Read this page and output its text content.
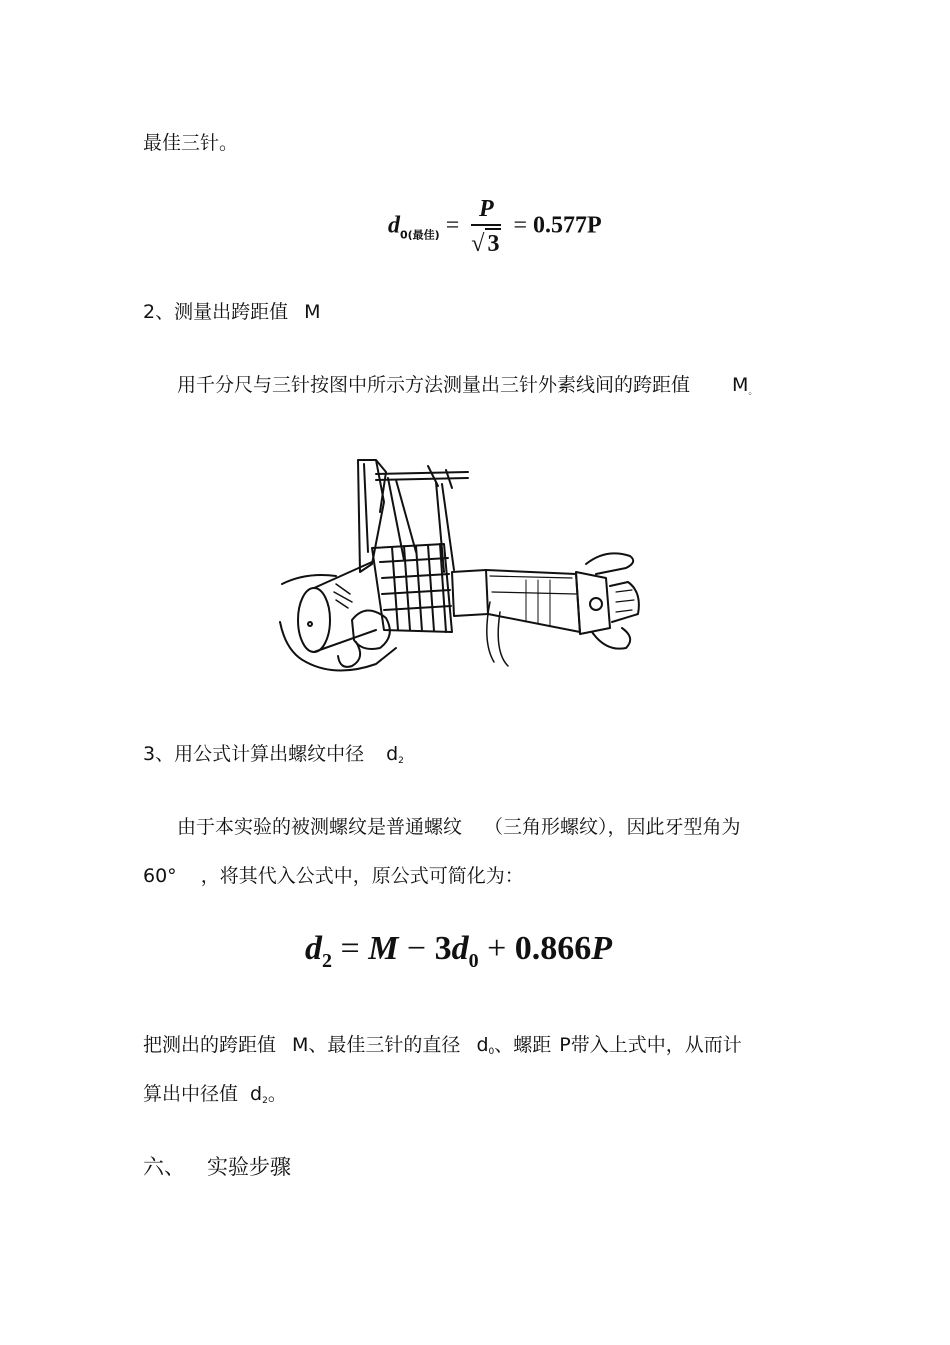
最佳三针。
$d_{0(最佳)} = \frac{P}{√ 3} = 0.577P$
2、测量出跨距值 M
用千分尺与三针按图中所示方法测量出三针外素线间的跨距值 M。
3、用公式计算出螺纹中径 d2
由于本实验的被测螺纹是普通螺纹 （三角形螺纹），因此牙型角为
60° ，将其代入公式中，原公式可简化为：
$d_2 = M - 3d_0 + 0.866P$
把测出的跨距值 M、最佳三针的直径 d0、螺距 P带入上式中，从而计
算出中径值 d2。
六、 实验步骤
